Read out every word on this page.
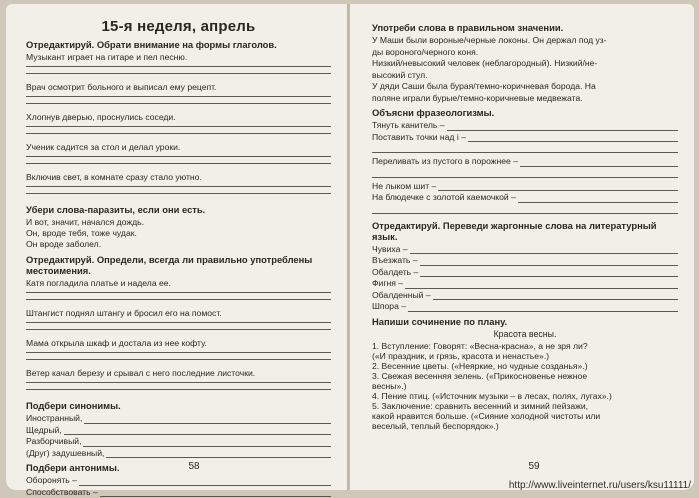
15-я неделя, апрель
Отредактируй. Обрати внимание на формы глаголов.
Музыкант играет на гитаре и пел песню.
Врач осмотрит больного и выписал ему рецепт.
Хлопнув дверью, проснулись соседи.
Ученик садится за стол и делал уроки.
Включив свет, в комнате сразу стало уютно.
Убери слова-паразиты, если они есть.
И вот, значит, начался дождь.
Он, вроде тебя, тоже чудак.
Он вроде заболел.
Отредактируй. Определи, всегда ли правильно употреблены местоимения.
Катя погладила платье и надела ее.
Штангист поднял штангу и бросил его на помост.
Мама открыла шкаф и достала из нее кофту.
Ветер качал березу и срывал с него последние листочки.
Подбери синонимы.
Иностранный,
Щедрый,
Разборчивый,
(Друг) задушевный,
Подбери антонимы.
Оборонять –
Способствовать –
58
Употреби слова в правильном значении.
У Маши были вороные/черные локоны. Он держал под уз-
ды вороного/черного коня.
Низкий/невысокий человек (неблагородный). Низкий/не-
высокий стул.
У дяди Саши была бурая/темно-коричневая борода. На
поляне играли бурые/темно-коричневые медвежата.
Объясни фразеологизмы.
Тянуть канитель –
Поставить точки над i –
Переливать из пустого в порожнее –
Не лыком шит –
На блюдечке с золотой каемочкой –
Отредактируй. Переведи жаргонные слова на литературный язык.
Чувиха –
Въезжать –
Обалдеть –
Фигня –
Обалденный –
Шпора –
Напиши сочинение по плану.
Красота весны.
1. Вступление: Говорят: «Весна-красна», а не зря ли?
(«И праздник, и грязь, красота и ненастье».)
2. Весенние цветы. («Неяркие, но чудные созданья».)
3. Свежая весенняя зелень. («Прикосновенье нежное
весны».)
4. Пение птиц. («Источник музыки – в лесах, полях, лугах».)
5. Заключение: сравнить весенний и зимний пейзажи,
какой нравится больше. («Сияние холодной чистоты или
веселый, теплый беспорядок».)
59
http://www.liveinternet.ru/users/ksu11111/
